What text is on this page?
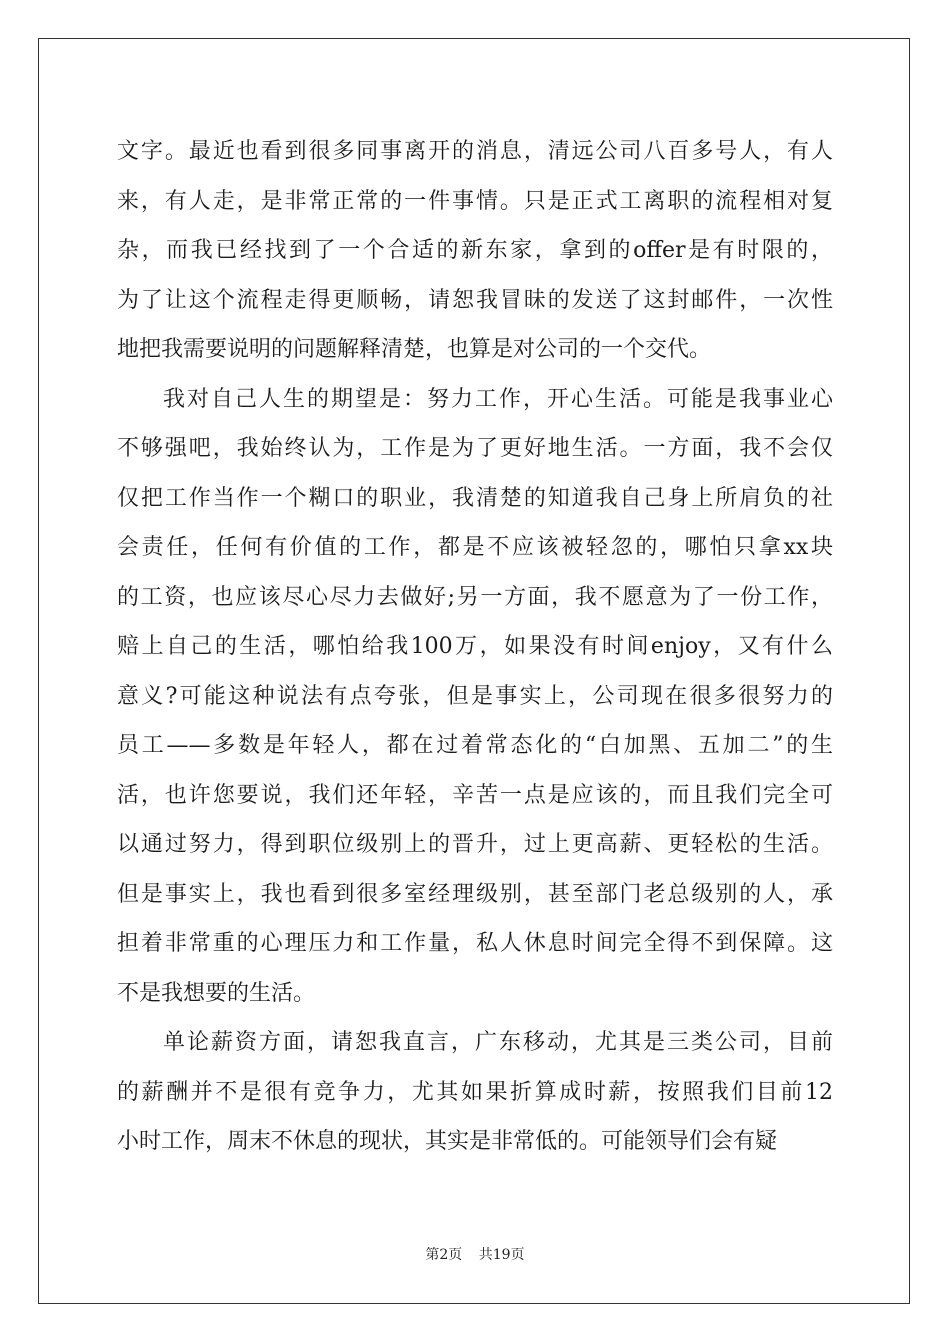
文字。最近也看到很多同事离开的消息，清远公司八百多号人，有人
来，有人走，是非常正常的一件事情。只是正式工离职的流程相对复
杂，而我已经找到了一个合适的新东家，拿到的offer是有时限的，
为了让这个流程走得更顺畅，请恕我冒昧的发送了这封邮件，一次性
地把我需要说明的问题解释清楚，也算是对公司的一个交代。
我对自己人生的期望是：努力工作，开心生活。可能是我事业心
不够强吧，我始终认为，工作是为了更好地生活。一方面，我不会仅
仅把工作当作一个糊口的职业，我清楚的知道我自己身上所肩负的社
会责任，任何有价值的工作，都是不应该被轻忽的，哪怕只拿xx块
的工资，也应该尽心尽力去做好;另一方面，我不愿意为了一份工作，
赔上自己的生活，哪怕给我100万，如果没有时间enjoy，又有什么
意义?可能这种说法有点夸张，但是事实上，公司现在很多很努力的
员工——多数是年轻人，都在过着常态化的“白加黑、五加二”的生
活，也许您要说，我们还年轻，辛苦一点是应该的，而且我们完全可
以通过努力，得到职位级别上的晋升，过上更高薪、更轻松的生活。
但是事实上，我也看到很多室经理级别，甚至部门老总级别的人，承
担着非常重的心理压力和工作量，私人休息时间完全得不到保障。这
不是我想要的生活。
单论薪资方面，请恕我直言，广东移动，尤其是三类公司，目前
的薪酬并不是很有竞争力，尤其如果折算成时薪，按照我们目前12
小时工作，周末不休息的现状，其实是非常低的。可能领导们会有疑
第2页 共19页
